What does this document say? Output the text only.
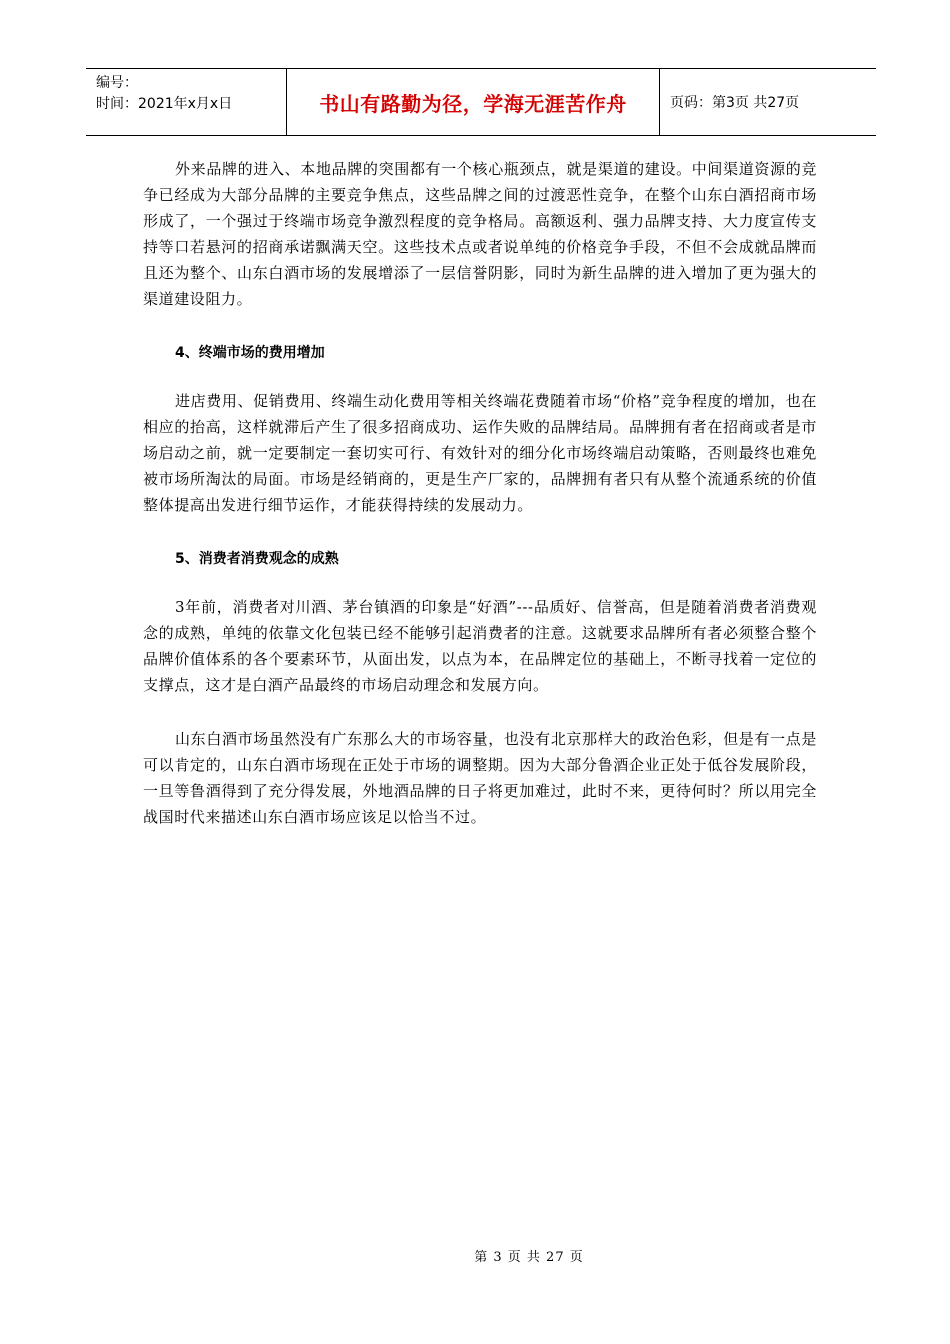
编号：
时间：2021年x月x日	书山有路勤为径，学海无涯苦作舟	页码：第3页 共27页

外来品牌的进入、本地品牌的突围都有一个核心瓶颈点，就是渠道的建设。中间渠道资源的竞争已经成为大部分品牌的主要竞争焦点，这些品牌之间的过渡恶性竞争，在整个山东白酒招商市场形成了，一个强过于终端市场竞争激烈程度的竞争格局。高额返利、强力品牌支持、大力度宣传支持等口若悬河的招商承诺飘满天空。这些技术点或者说单纯的价格竞争手段，不但不会成就品牌而且还为整个、山东白酒市场的发展增添了一层信誉阴影，同时为新生品牌的进入增加了更为强大的渠道建设阻力。

4、终端市场的费用增加

进店费用、促销费用、终端生动化费用等相关终端花费随着市场“价格”竞争程度的增加，也在相应的抬高，这样就滞后产生了很多招商成功、运作失败的品牌结局。品牌拥有者在招商或者是市场启动之前，就一定要制定一套切实可行、有效针对的细分化市场终端启动策略，否则最终也难免被市场所淘汰的局面。市场是经销商的，更是生产厂家的，品牌拥有者只有从整个流通系统的价值整体提高出发进行细节运作，才能获得持续的发展动力。

5、消费者消费观念的成熟

3年前，消费者对川酒、茅台镇酒的印象是“好酒”---品质好、信誉高，但是随着消费者消费观念的成熟，单纯的依靠文化包装已经不能够引起消费者的注意。这就要求品牌所有者必须整合整个品牌价值体系的各个要素环节，从面出发，以点为本，在品牌定位的基础上，不断寻找着一定位的支撑点，这才是白酒产品最终的市场启动理念和发展方向。

山东白酒市场虽然没有广东那么大的市场容量，也没有北京那样大的政治色彩，但是有一点是可以肯定的，山东白酒市场现在正处于市场的调整期。因为大部分鲁酒企业正处于低谷发展阶段，一旦等鲁酒得到了充分得发展，外地酒品牌的日子将更加难过，此时不来，更待何时？所以用完全战国时代来描述山东白酒市场应该足以恰当不过。

第 3 页 共 27 页
